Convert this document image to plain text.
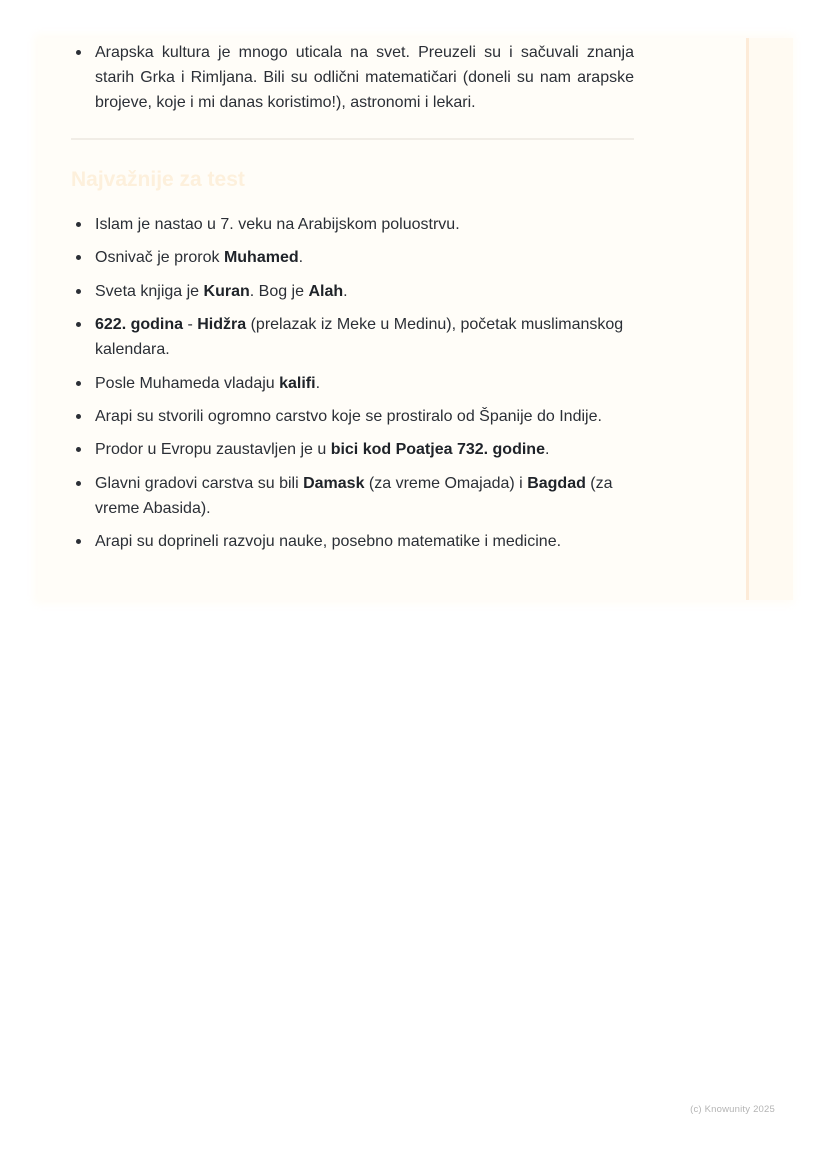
Arapska kultura je mnogo uticala na svet. Preuzeli su i sačuvali znanja starih Grka i Rimljana. Bili su odlični matematičari (doneli su nam arapske brojeve, koje i mi danas koristimo!), astronomi i lekari.
Najvažnije za test
Islam je nastao u 7. veku na Arabijskom poluostrvu.
Osnivač je prorok Muhamed.
Sveta knjiga je Kuran. Bog je Alah.
622. godina - Hidžra (prelazak iz Meke u Medinu), početak muslimanskog kalendara.
Posle Muhameda vladaju kalifi.
Arapi su stvorili ogromno carstvo koje se prostiralo od Španije do Indije.
Prodor u Evropu zaustavljen je u bici kod Poatjea 732. godine.
Glavni gradovi carstva su bili Damask (za vreme Omajada) i Bagdad (za vreme Abasida).
Arapi su doprineli razvoju nauke, posebno matematike i medicine.
(c) Knowunity 2025
